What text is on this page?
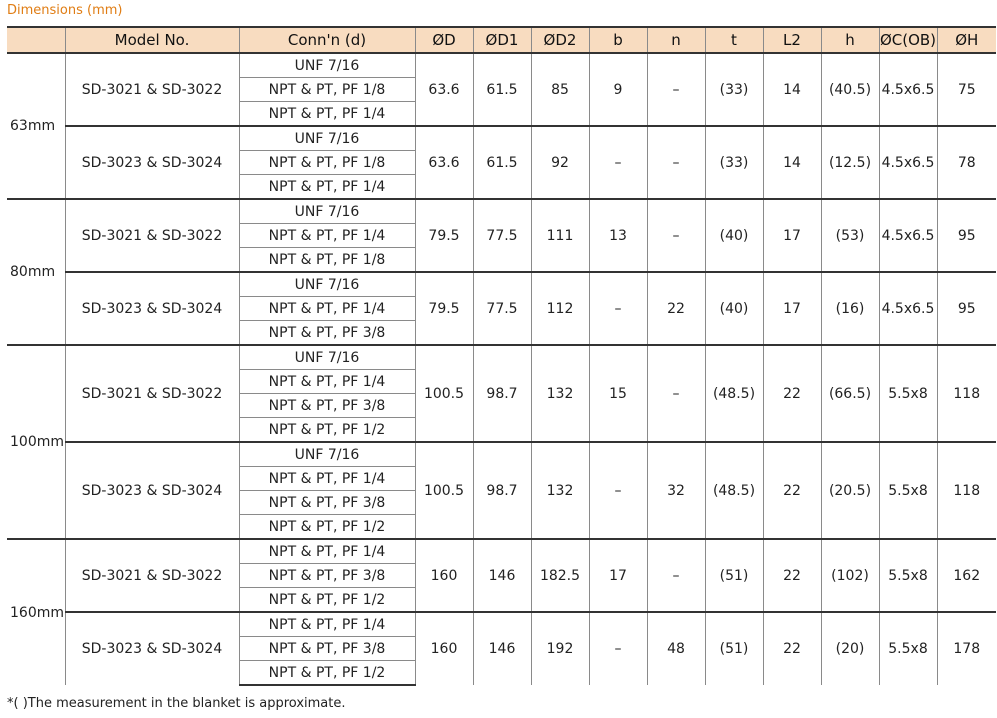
Dimensions (mm)
	Model No.	Conn'n (d)	ØD	ØD1	ØD2	b	n	t	L2	h	ØC(OB)	ØH
63mm	SD-3021 & SD-3022	UNF 7/16	63.6	61.5	85	9	–	(33)	14	(40.5)	4.5x6.5	75
		NPT & PT, PF 1/8										
		NPT & PT, PF 1/4										
	SD-3023 & SD-3024	UNF 7/16	63.6	61.5	92	–	–	(33)	14	(12.5)	4.5x6.5	78
		NPT & PT, PF 1/8										
		NPT & PT, PF 1/4										
80mm	SD-3021 & SD-3022	UNF 7/16	79.5	77.5	111	13	–	(40)	17	(53)	4.5x6.5	95
		NPT & PT, PF 1/4										
		NPT & PT, PF 1/8										
	SD-3023 & SD-3024	UNF 7/16	79.5	77.5	112	–	22	(40)	17	(16)	4.5x6.5	95
		NPT & PT, PF 1/4										
		NPT & PT, PF 3/8										
100mm	SD-3021 & SD-3022	UNF 7/16	100.5	98.7	132	15	–	(48.5)	22	(66.5)	5.5x8	118
		NPT & PT, PF 1/4										
		NPT & PT, PF 3/8										
		NPT & PT, PF 1/2										
	SD-3023 & SD-3024	UNF 7/16	100.5	98.7	132	–	32	(48.5)	22	(20.5)	5.5x8	118
		NPT & PT, PF 1/4										
		NPT & PT, PF 3/8										
		NPT & PT, PF 1/2										
160mm	SD-3021 & SD-3022	NPT & PT, PF 1/4	160	146	182.5	17	–	(51)	22	(102)	5.5x8	162
		NPT & PT, PF 3/8										
		NPT & PT, PF 1/2										
	SD-3023 & SD-3024	NPT & PT, PF 1/4	160	146	192	–	48	(51)	22	(20)	5.5x8	178
		NPT & PT, PF 3/8										
		NPT & PT, PF 1/2										
*( )The measurement in the blanket is approximate.
